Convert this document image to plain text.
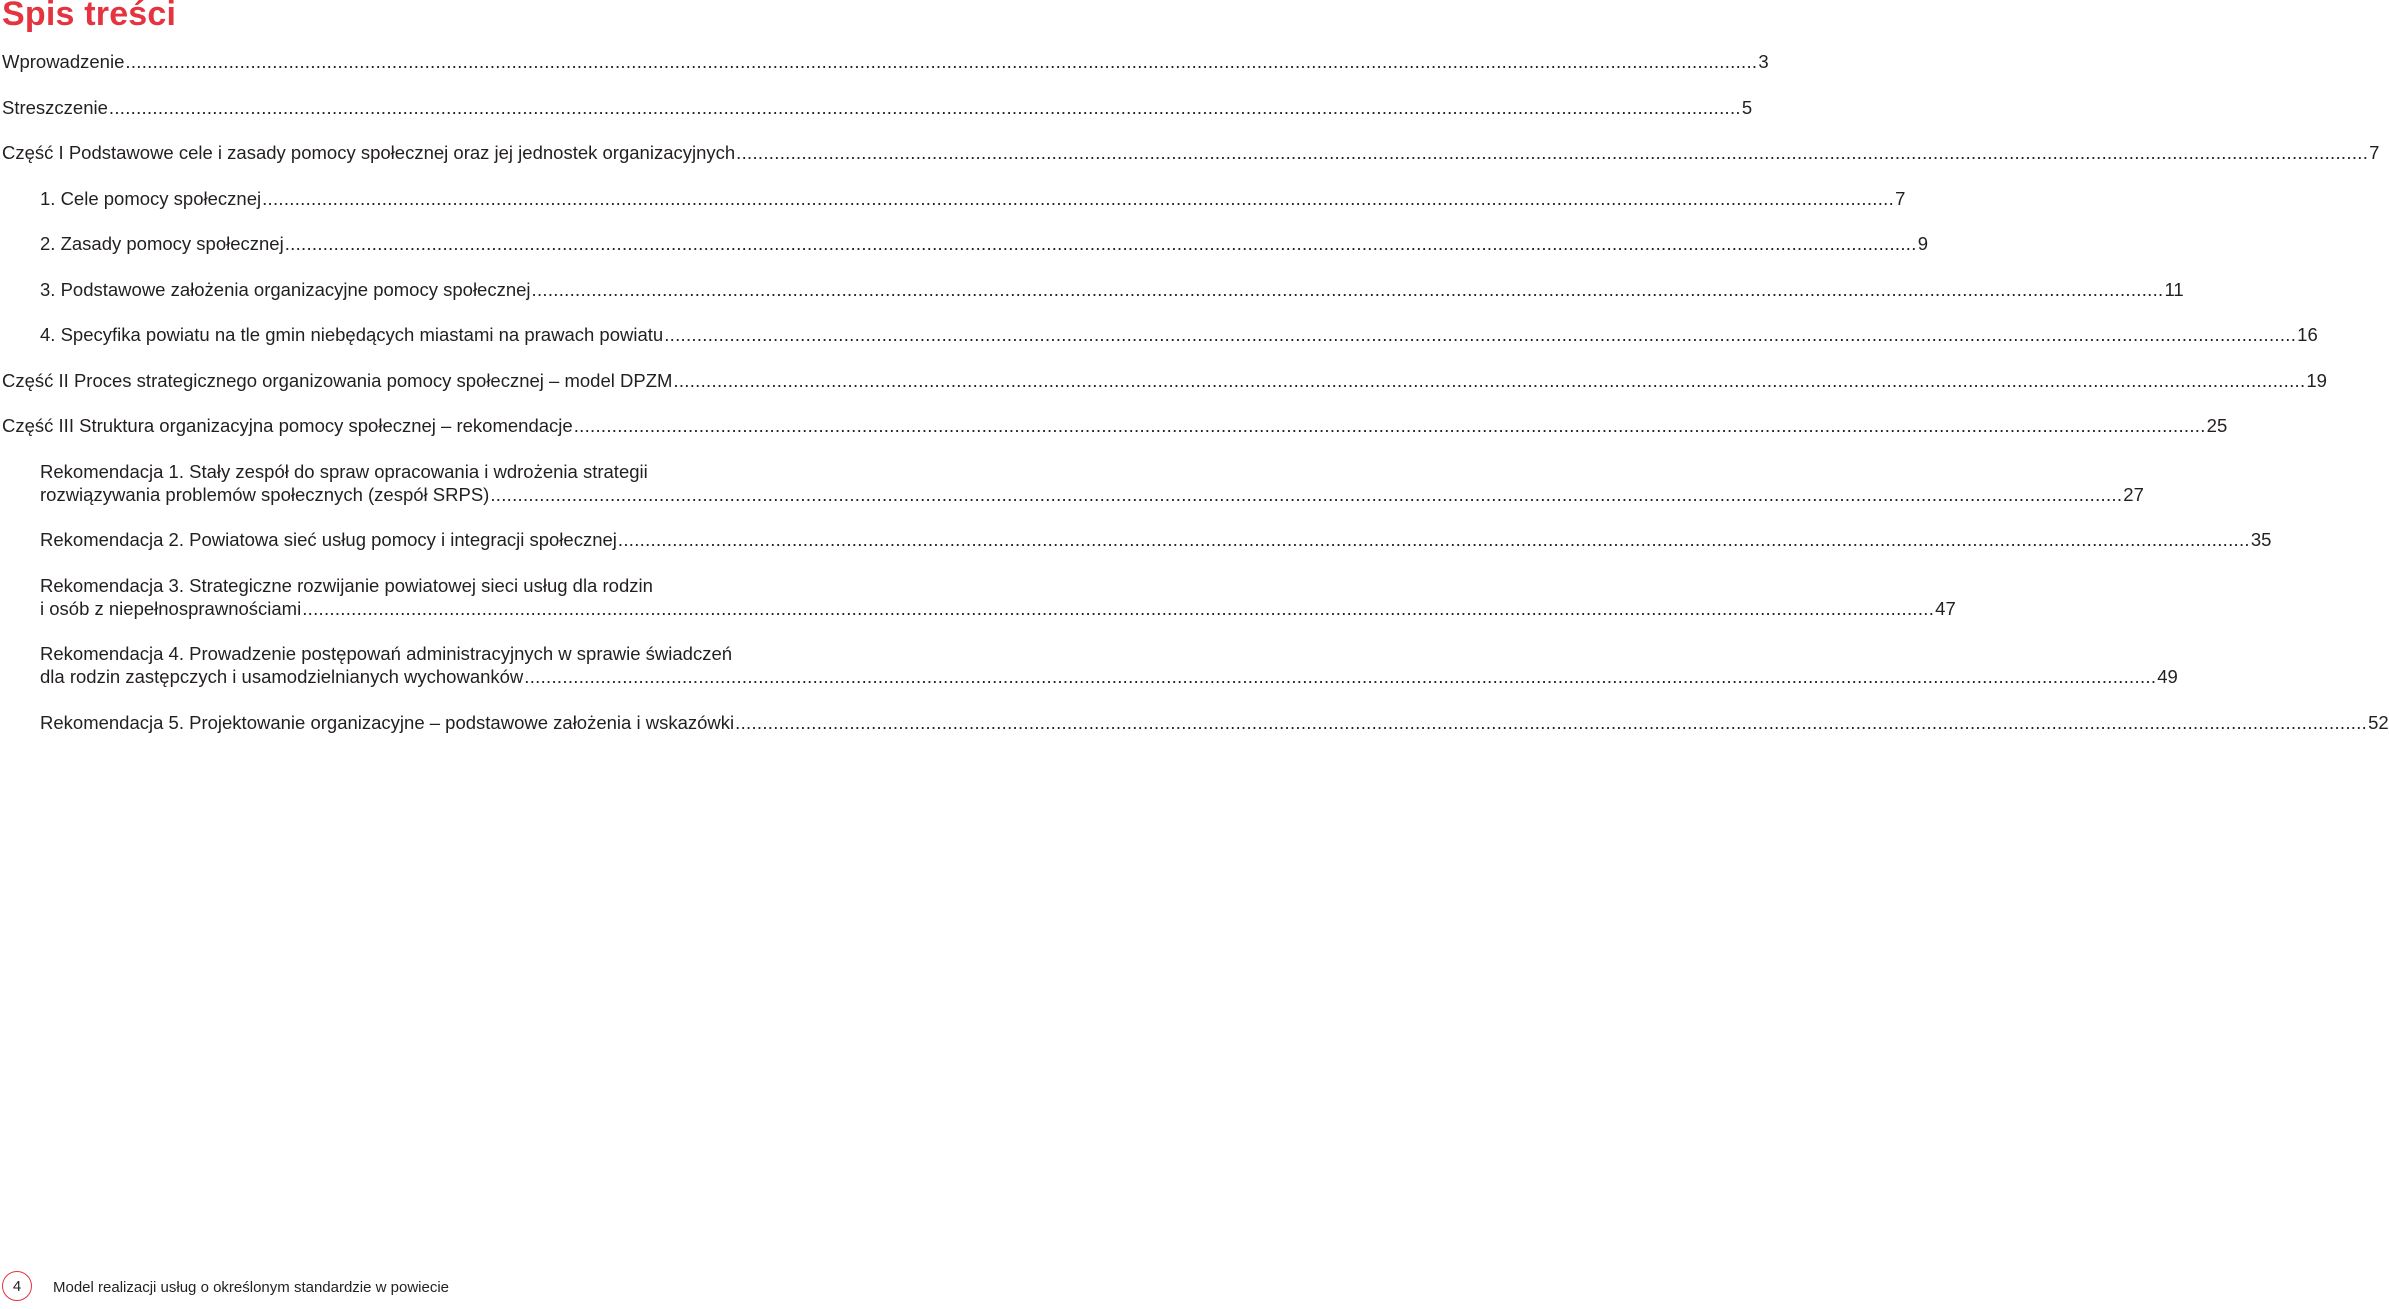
Spis treści
Wprowadzenie .....	3
Streszczenie .....	5
Część I Podstawowe cele i zasady pomocy społecznej oraz jej jednostek organizacyjnych .....	7
1. Cele pomocy społecznej .....	7
2. Zasady pomocy społecznej .....	9
3. Podstawowe założenia organizacyjne pomocy społecznej .....	11
4. Specyfika powiatu na tle gmin niebędących miastami na prawach powiatu .....	16
Część II Proces strategicznego organizowania pomocy społecznej – model DPZM .....	19
Część III Struktura organizacyjna pomocy społecznej – rekomendacje .....	25
Rekomendacja 1. Stały zespół do spraw opracowania i wdrożenia strategii
rozwiązywania problemów społecznych (zespół SRPS) .....	27
Rekomendacja 2. Powiatowa sieć usług pomocy i integracji społecznej .....	35
Rekomendacja 3. Strategiczne rozwijanie powiatowej sieci usług dla rodzin
i osób z niepełnosprawnościami .....	47
Rekomendacja 4. Prowadzenie postępowań administracyjnych w sprawie świadczeń
dla rodzin zastępczych i usamodzielnianych wychowanków .....	49
Rekomendacja 5. Projektowanie organizacyjne – podstawowe założenia i wskazówki .....	52
4	Model realizacji usług o określonym standardzie w powiecie
